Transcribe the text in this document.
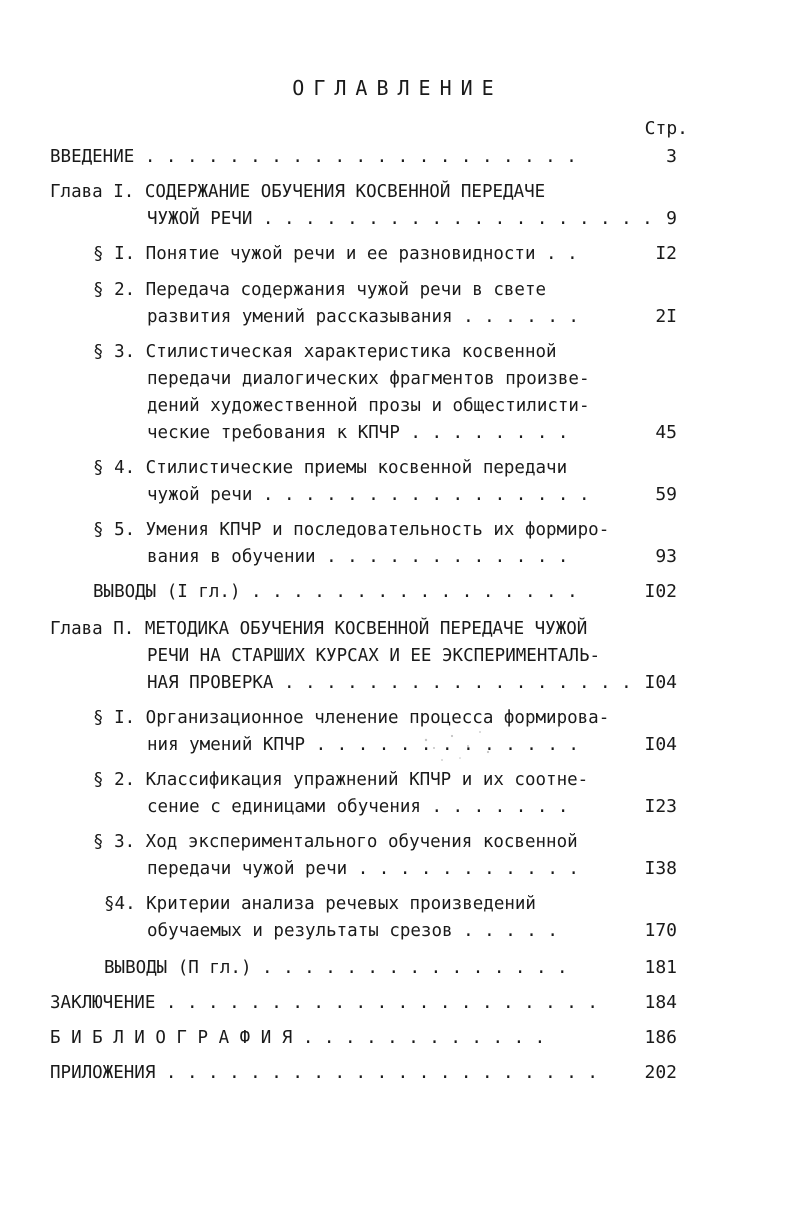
ОГЛАВЛЕНИЕ
Стр.
ВВЕДЕНИЕ . . . . . . . . . . . . . . . . . . . . .	3
Глава I. СОДЕРЖАНИЕ ОБУЧЕНИЯ КОСВЕННОЙ ПЕРЕДАЧЕ
ЧУЖОЙ РЕЧИ . . . . . . . . . . . . . . . . . . . 9
§ I. Понятие чужой речи и ее разновидности . .	I2
§ 2. Передача содержания чужой речи в свете
развития умений рассказывания . . . . . .	2I
§ 3. Стилистическая характеристика косвенной
передачи диалогических фрагментов произве-
дений художественной прозы и общестилисти-
ческие требования к КПЧР . . . . . . . .	45
§ 4. Стилистические приемы косвенной передачи
чужой речи . . . . . . . . . . . . . . . .	59
§ 5. Умения КПЧР и последовательность их формиро-
вания в обучении . . . . . . . . . . . .	93
ВЫВОДЫ (I гл.) . . . . . . . . . . . . . . . .	I02
Глава П. МЕТОДИКА ОБУЧЕНИЯ КОСВЕННОЙ ПЕРЕДАЧЕ ЧУЖОЙ
РЕЧИ НА СТАРШИХ КУРСАХ И ЕЕ ЭКСПЕРИМЕНТАЛЬ-
НАЯ ПРОВЕРКА . . . . . . . . . . . . . . . . . I04
§ I. Организационное членение процесса формирова-
ния умений КПЧР . . . . . . . . . . . . .	I04
§ 2. Классификация упражнений КПЧР и их соотне-
сение с единицами обучения . . . . . . .	I23
§ 3. Ход экспериментального обучения косвенной
передачи чужой речи . . . . . . . . . . .	I38
§4. Критерии анализа речевых произведений
обучаемых и результаты срезов . . . . .	170
ВЫВОДЫ (П гл.) . . . . . . . . . . . . . . .	181
ЗАКЛЮЧЕНИЕ . . . . . . . . . . . . . . . . . . . . .	184
Б И Б Л И О Г Р А Ф И Я . . . . . . . . . . . .	186
ПРИЛОЖЕНИЯ . . . . . . . . . . . . . . . . . . . . .	202
